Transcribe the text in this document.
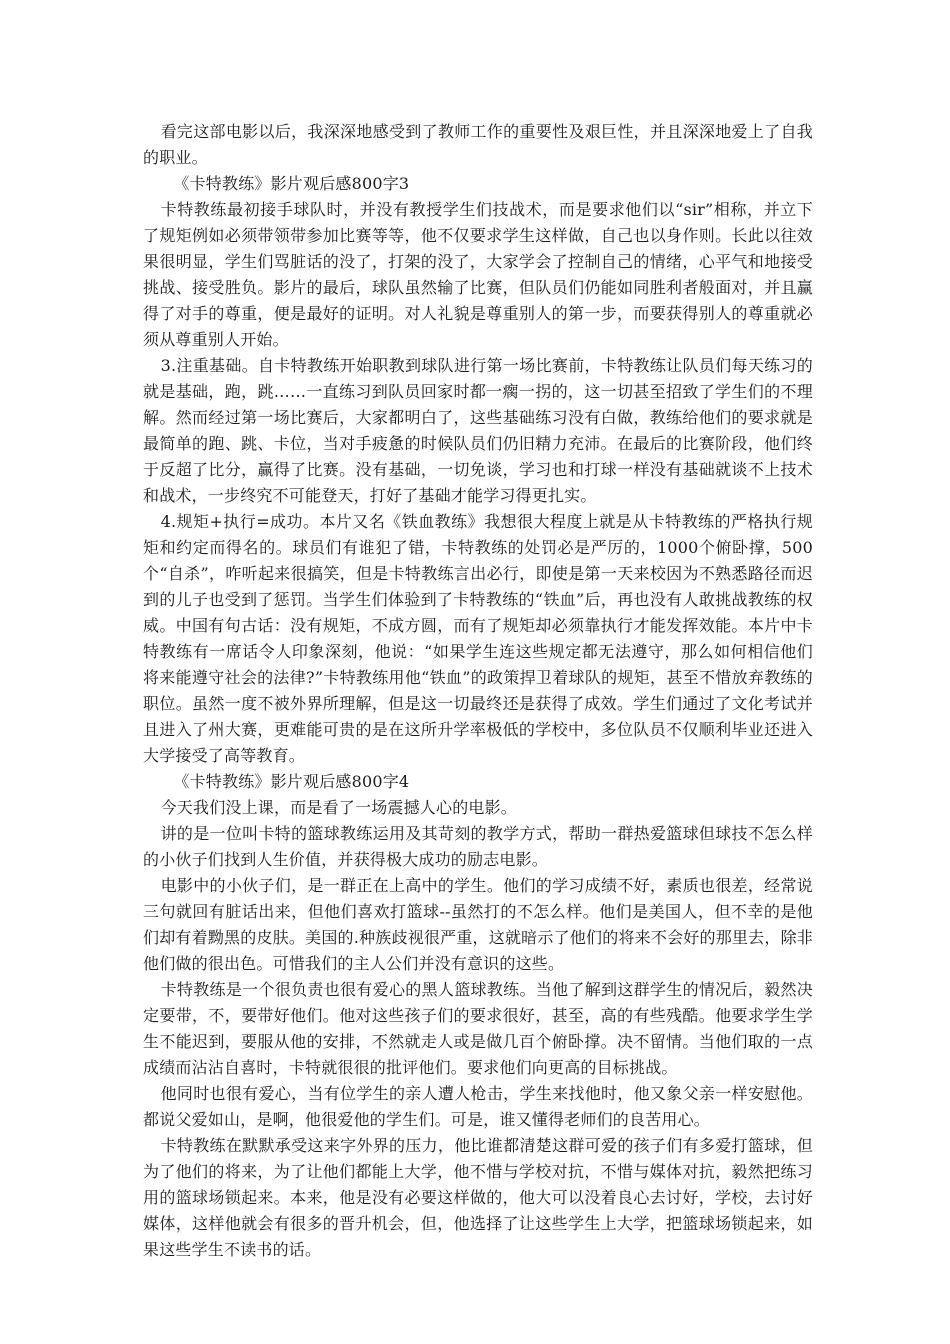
看完这部电影以后，我深深地感受到了教师工作的重要性及艰巨性，并且深深地爱上了自我的职业。

《卡特教练》影片观后感800字3

卡特教练最初接手球队时，并没有教授学生们技战术，而是要求他们以“sir”相称，并立下了规矩例如必须带领带参加比赛等等，他不仅要求学生这样做，自己也以身作则。长此以往效果很明显，学生们骂脏话的没了，打架的没了，大家学会了控制自己的情绪，心平气和地接受挑战、接受胜负。影片的最后，球队虽然输了比赛，但队员们仍能如同胜利者般面对，并且赢得了对手的尊重，便是最好的证明。对人礼貌是尊重别人的第一步，而要获得别人的尊重就必须从尊重别人开始。

3.注重基础。自卡特教练开始职教到球队进行第一场比赛前，卡特教练让队员们每天练习的就是基础，跑，跳……一直练习到队员回家时都一瘸一拐的，这一切甚至招致了学生们的不理解。然而经过第一场比赛后，大家都明白了，这些基础练习没有白做，教练给他们的要求就是最简单的跑、跳、卡位，当对手疲惫的时候队员们仍旧精力充沛。在最后的比赛阶段，他们终于反超了比分，赢得了比赛。没有基础，一切免谈，学习也和打球一样没有基础就谈不上技术和战术，一步终究不可能登天，打好了基础才能学习得更扎实。

4.规矩+执行=成功。本片又名《铁血教练》我想很大程度上就是从卡特教练的严格执行规矩和约定而得名的。球员们有谁犯了错，卡特教练的处罚必是严厉的，1000个俯卧撑，500个“自杀”，咋听起来很搞笑，但是卡特教练言出必行，即使是第一天来校因为不熟悉路径而迟到的儿子也受到了惩罚。当学生们体验到了卡特教练的“铁血”后，再也没有人敢挑战教练的权威。中国有句古话：没有规矩，不成方圆，而有了规矩却必须靠执行才能发挥效能。本片中卡特教练有一席话令人印象深刻，他说：“如果学生连这些规定都无法遵守，那么如何相信他们将来能遵守社会的法律?”卡特教练用他“铁血”的政策捍卫着球队的规矩，甚至不惜放弃教练的职位。虽然一度不被外界所理解，但是这一切最终还是获得了成效。学生们通过了文化考试并且进入了州大赛，更难能可贵的是在这所升学率极低的学校中，多位队员不仅顺利毕业还进入大学接受了高等教育。

《卡特教练》影片观后感800字4

今天我们没上课，而是看了一场震撼人心的电影。

讲的是一位叫卡特的篮球教练运用及其苛刻的教学方式，帮助一群热爱篮球但球技不怎么样的小伙子们找到人生价值，并获得极大成功的励志电影。

电影中的小伙子们，是一群正在上高中的学生。他们的学习成绩不好，素质也很差，经常说三句就回有脏话出来，但他们喜欢打篮球--虽然打的不怎么样。他们是美国人，但不幸的是他们却有着黝黑的皮肤。美国的.种族歧视很严重，这就暗示了他们的将来不会好的那里去，除非他们做的很出色。可惜我们的主人公们并没有意识的这些。

卡特教练是一个很负责也很有爱心的黑人篮球教练。当他了解到这群学生的情况后，毅然决定要带，不，要带好他们。他对这些孩子们的要求很好，甚至，高的有些残酷。他要求学生学生不能迟到，要服从他的安排，不然就走人或是做几百个俯卧撑。决不留情。当他们取的一点成绩而沾沾自喜时，卡特就很很的批评他们。要求他们向更高的目标挑战。

他同时也很有爱心，当有位学生的亲人遭人枪击，学生来找他时，他又象父亲一样安慰他。都说父爱如山，是啊，他很爱他的学生们。可是，谁又懂得老师们的良苦用心。

卡特教练在默默承受这来字外界的压力，他比谁都清楚这群可爱的孩子们有多爱打篮球，但为了他们的将来，为了让他们都能上大学，他不惜与学校对抗，不惜与媒体对抗，毅然把练习用的篮球场锁起来。本来，他是没有必要这样做的，他大可以没着良心去讨好，学校，去讨好媒体，这样他就会有很多的晋升机会，但，他选择了让这些学生上大学，把篮球场锁起来，如果这些学生不读书的话。
